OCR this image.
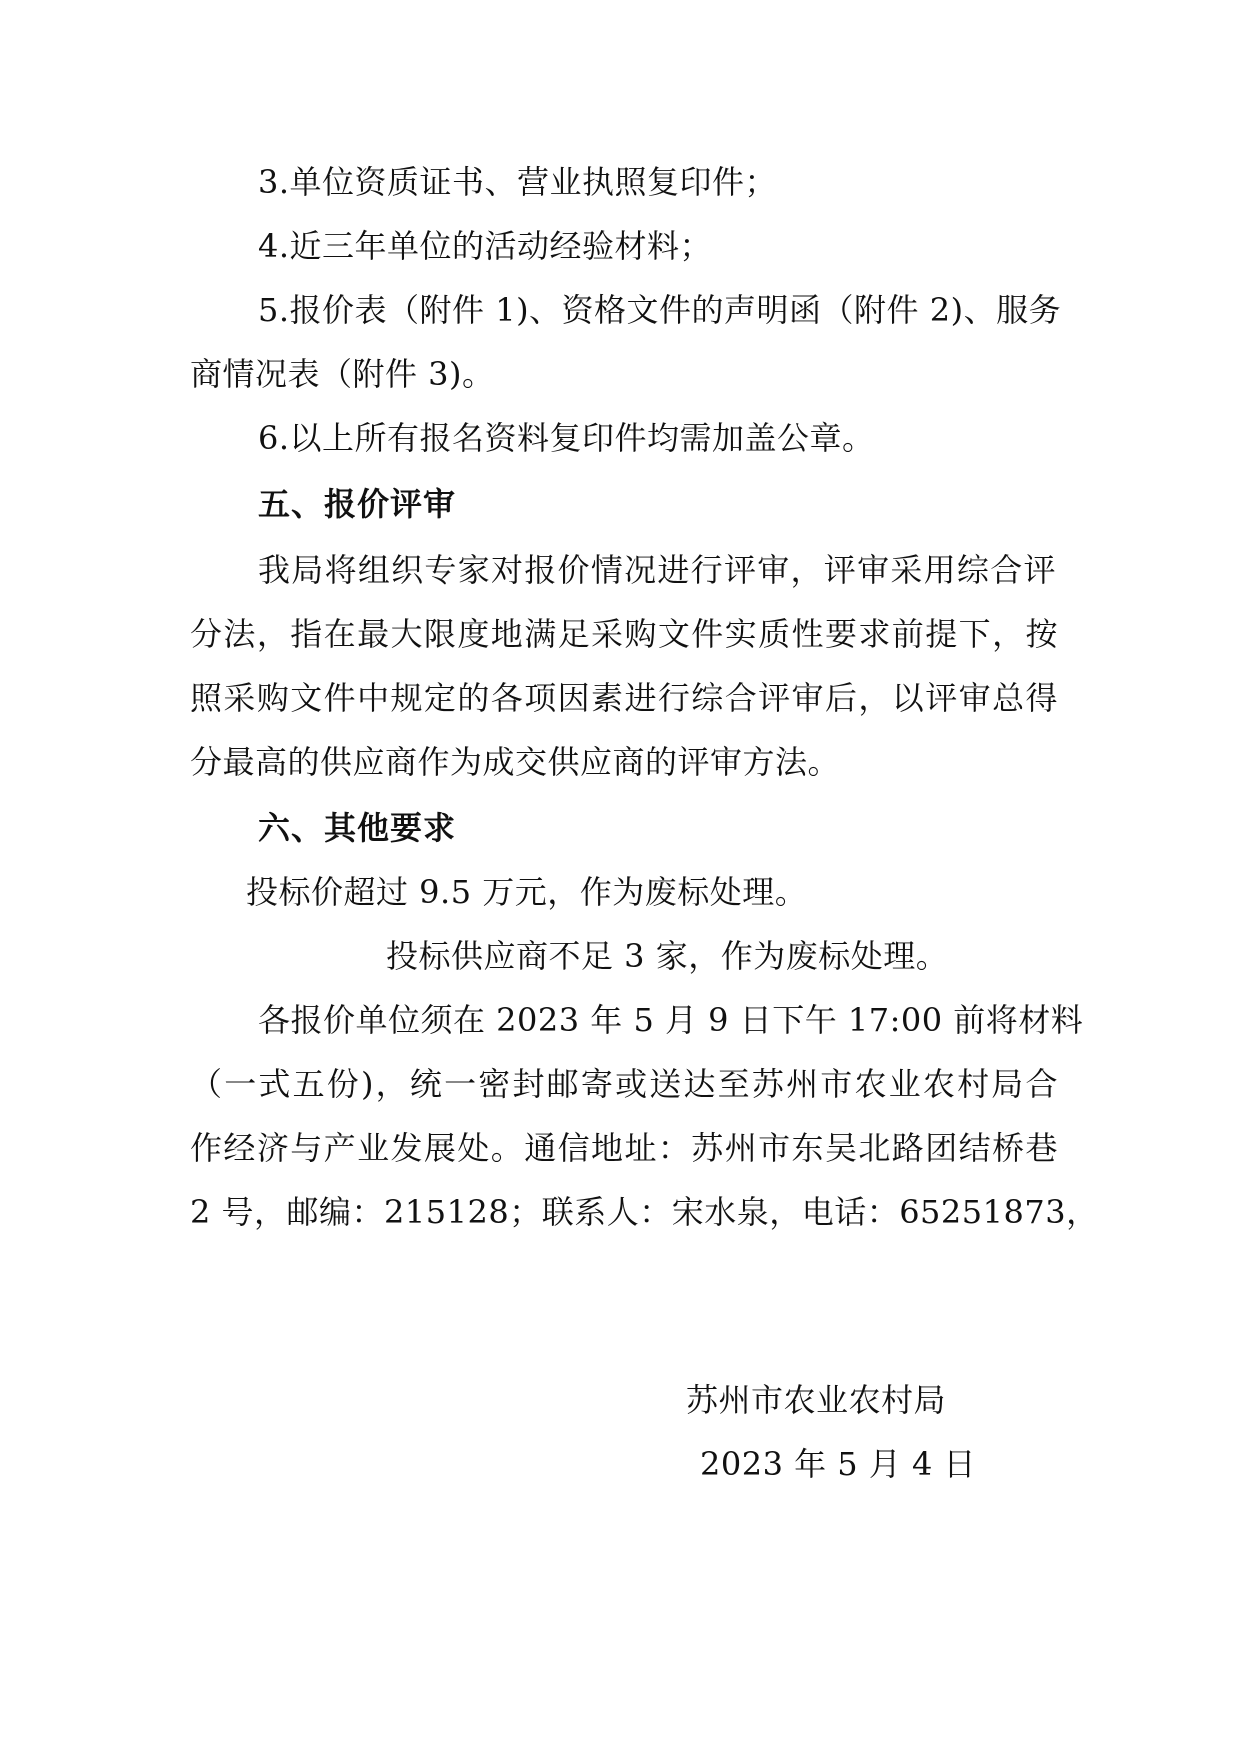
3.单位资质证书、营业执照复印件；
4.近三年单位的活动经验材料；
5.报价表（附件 1)、资格文件的声明函（附件 2)、服务
商情况表（附件 3)。
6.以上所有报名资料复印件均需加盖公章。
五、报价评审
我局将组织专家对报价情况进行评审，评审采用综合评
分法，指在最大限度地满足采购文件实质性要求前提下，按
照采购文件中规定的各项因素进行综合评审后，以评审总得
分最高的供应商作为成交供应商的评审方法。
六、其他要求
投标价超过 9.5 万元，作为废标处理。
投标供应商不足 3 家，作为废标处理。
各报价单位须在 2023 年 5 月 9 日下午 17:00 前将材料
（一式五份)，统一密封邮寄或送达至苏州市农业农村局合
作经济与产业发展处。通信地址：苏州市东吴北路团结桥巷
2 号，邮编：215128；联系人：宋水泉，电话：65251873，
苏州市农业农村局
2023 年 5 月 4 日
